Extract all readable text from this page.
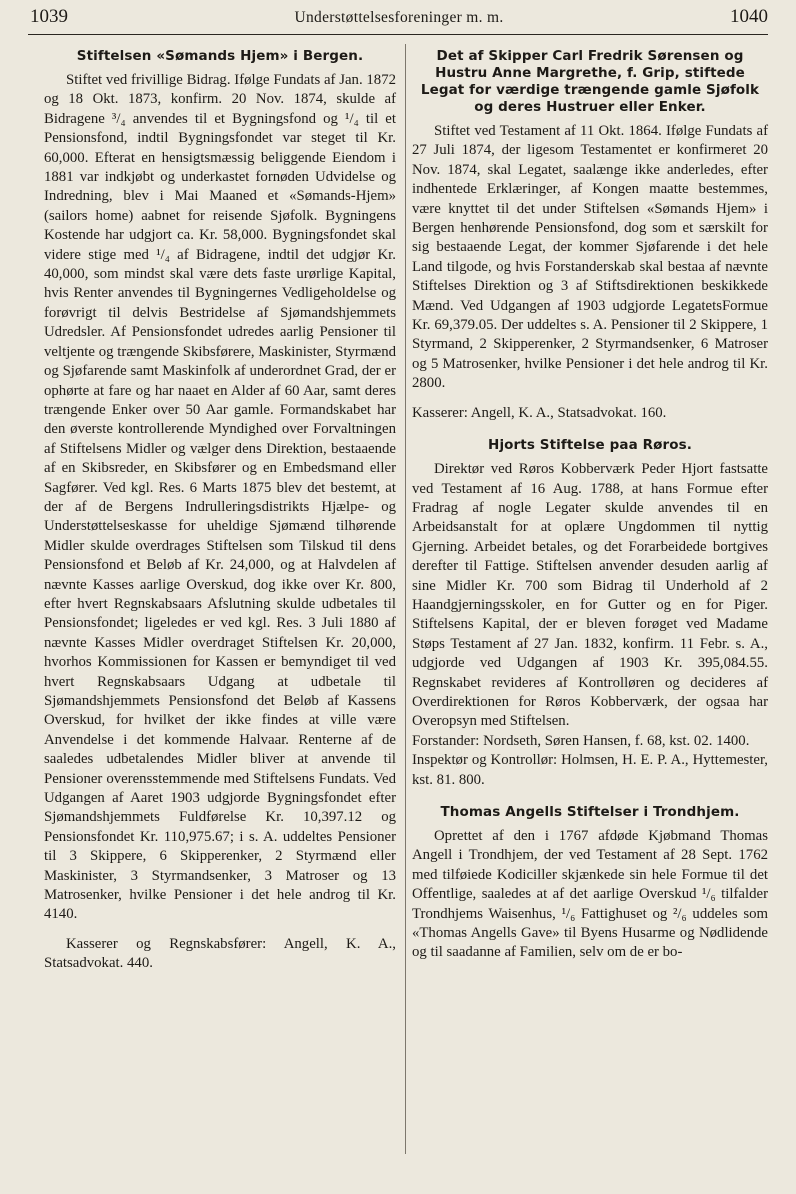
1039	Understøttelsesforeninger m. m.	1040
Stiftelsen «Sømands Hjem» i Bergen.

Stiftet ved frivillige Bidrag. Ifølge Fundats af Jan. 1872 og 18 Okt. 1873, konfirm. 20 Nov. 1874, skulde af Bidragene ³/₄ anvendes til et Bygningsfond og ¹/₄ til et Pensionsfond, indtil Bygningsfondet var steget til Kr. 60,000. Efterat en hensigtsmæssig beliggende Eiendom i 1881 var indkjøbt og underkastet fornøden Udvidelse og Indredning, blev i Mai Maaned et «Sømands-Hjem» (sailors home) aabnet for reisende Sjøfolk. Bygningens Kostende har udgjort ca. Kr. 58,000. Bygningsfondet skal videre stige med ¹/₄ af Bidragene, indtil det udgjør Kr. 40,000, som mindst skal være dets faste urørlige Kapital, hvis Renter anvendes til Bygningernes Vedligeholdelse og forøvrigt til delvis Bestridelse af Sjømandshjemmets Udredsler. Af Pensionsfondet udredes aarlig Pensioner til veltjente og trængende Skibsførere, Maskinister, Styrmænd og Sjøfarende samt Maskinfolk af underordnet Grad, der er ophørte at fare og har naaet en Alder af 60 Aar, samt deres trængende Enker over 50 Aar gamle. Formandskabet har den øverste kontrollerende Myndighed over Forvaltningen af Stiftelsens Midler og vælger dens Direktion, bestaaende af en Skibsreder, en Skibsfører og en Embedsmand eller Sagfører. Ved kgl. Res. 6 Marts 1875 blev det bestemt, at der af de Bergens Indrulleringsdistrikts Hjælpe- og Understøttelseskasse for uheldige Sjømænd tilhørende Midler skulde overdrages Stiftelsen som Tilskud til dens Pensionsfond et Beløb af Kr. 24,000, og at Halvdelen af nævnte Kasses aarlige Overskud, dog ikke over Kr. 800, efter hvert Regnskabsaars Afslutning skulde udbetales til Pensionsfondet; ligeledes er ved kgl. Res. 3 Juli 1880 af nævnte Kasses Midler overdraget Stiftelsen Kr. 20,000, hvorhos Kommissionen for Kassen er bemyndiget til ved hvert Regnskabsaars Udgang at udbetale til Sjømandshjemmets Pensionsfond det Beløb af Kassens Overskud, for hvilket der ikke findes at ville være Anvendelse i det kommende Halvaar. Renterne af de saaledes udbetalendes Midler bliver at anvende til Pensioner overensstemmende med Stiftelsens Fundats. Ved Udgangen af Aaret 1903 udgjorde Bygningsfondet efter Sjømandshjemmets Fuldførelse Kr. 10,397.12 og Pensionsfondet Kr. 110,975.67; i s. A. uddeltes Pensioner til 3 Skippere, 6 Skipperenker, 2 Styrmænd eller Maskinister, 3 Styrmandsenker, 3 Matroser og 13 Matrosenker, hvilke Pensioner i det hele androg til Kr. 4140.

Kasserer og Regnskabsfører: Angell, K. A., Statsadvokat. 440.

Det af Skipper Carl Fredrik Sørensen og Hustru Anne Margrethe, f. Grip, stiftede Legat for værdige trængende gamle Sjøfolk og deres Hustruer eller Enker.

Stiftet ved Testament af 11 Okt. 1864. Ifølge Fundats af 27 Juli 1874, der ligesom Testamentet er konfirmeret 20 Nov. 1874, skal Legatet, saalænge ikke anderledes, efter indhentede Erklæringer, af Kongen maatte bestemmes, være knyttet til det under Stiftelsen «Sømands Hjem» i Bergen henhørende Pensionsfond, dog som et særskilt for sig bestaaende Legat, der kommer Sjøfarende i det hele Land tilgode, og hvis Forstanderskab skal bestaa af nævnte Stiftelses Direktion og 3 af Stiftsdirektionen beskikkede Mænd. Ved Udgangen af 1903 udgjorde LegatetsFormue Kr. 69,379.05. Der uddeltes s. A. Pensioner til 2 Skippere, 1 Styrmand, 2 Skipperenker, 2 Styrmandsenker, 6 Matroser og 5 Matrosenker, hvilke Pensioner i det hele androg til Kr. 2800.

Kasserer: Angell, K. A., Statsadvokat. 160.

Hjorts Stiftelse paa Røros.

Direktør ved Røros Kobberværk Peder Hjort fastsatte ved Testament af 16 Aug. 1788, at hans Formue efter Fradrag af nogle Legater skulde anvendes til en Arbeidsanstalt for at oplære Ungdommen til nyttig Gjerning. Arbeidet betales, og det Forarbeidede bortgives derefter til Fattige. Stiftelsen anvender desuden aarlig af sine Midler Kr. 700 som Bidrag til Underhold af 2 Haandgjerningsskoler, en for Gutter og en for Piger. Stiftelsens Kapital, der er bleven forøget ved Madame Støps Testament af 27 Jan. 1832, konfirm. 11 Febr. s. A., udgjorde ved Udgangen af 1903 Kr. 395,084.55. Regnskabet revideres af Kontrolløren og decideres af Overdirektionen for Røros Kobberværk, der ogsaa har Overopsyn med Stiftelsen.

Forstander: Nordseth, Søren Hansen, f. 68, kst. 02. 1400.

Inspektør og Kontrollør: Holmsen, H. E. P. A., Hyttemester, kst. 81. 800.

Thomas Angells Stiftelser i Trondhjem.

Oprettet af den i 1767 afdøde Kjøbmand Thomas Angell i Trondhjem, der ved Testament af 28 Sept. 1762 med tilføiede Kodiciller skjænkede sin hele Formue til det Offentlige, saaledes at af det aarlige Overskud ¹/₆ tilfalder Trondhjems Waisenhus, ¹/₆ Fattighuset og ²/₆ uddeles som «Thomas Angells Gave» til Byens Husarme og Nødlidende og til saadanne af Familien, selv om de er bo-
